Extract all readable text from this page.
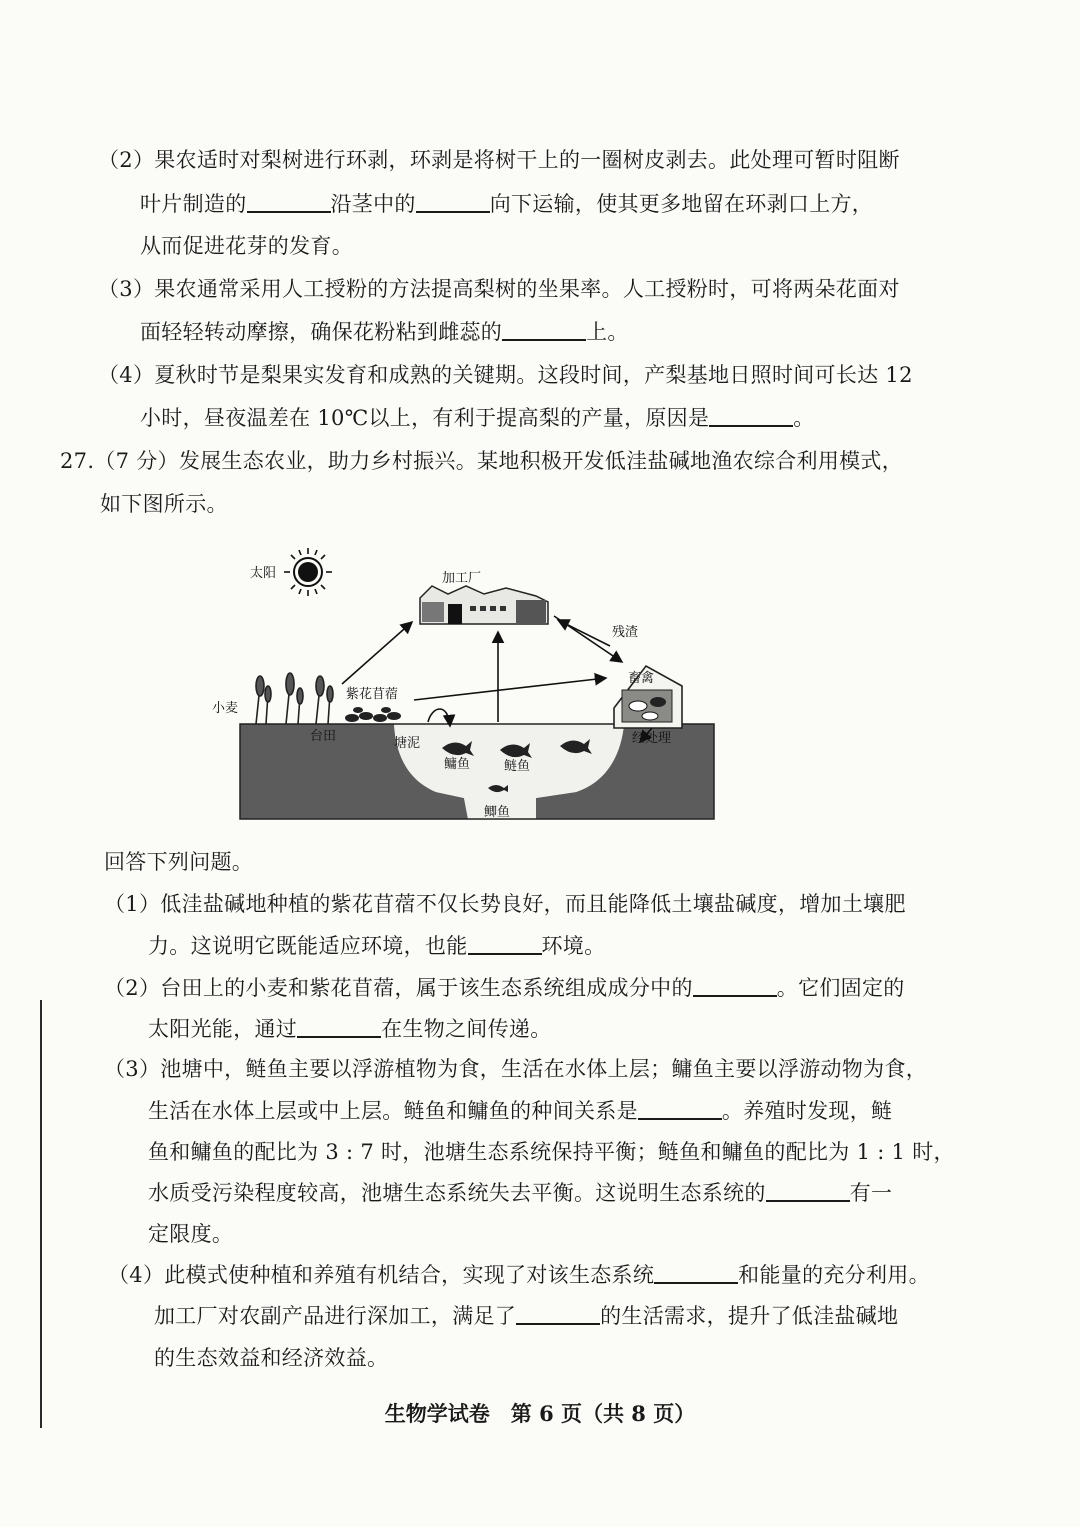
（2）果农适时对梨树进行环剥，环剥是将树干上的一圈树皮剥去。此处理可暂时阻断
叶片制造的	沿茎中的	向下运输，使其更多地留在环剥口上方，
从而促进花芽的发育。
（3）果农通常采用人工授粉的方法提高梨树的坐果率。人工授粉时，可将两朵花面对
面轻轻转动摩擦，确保花粉粘到雌蕊的	上。
（4）夏秋时节是梨果实发育和成熟的关键期。这段时间，产梨基地日照时间可长达 12
小时，昼夜温差在 10℃以上，有利于提高梨的产量，原因是	。
27.（7 分）发展生态农业，助力乡村振兴。某地积极开发低洼盐碱地渔农综合利用模式，
如下图所示。
太阳	加工厂
畜禽
残渣
小麦
紫花苜蓿
台田	塘泥
鳙鱼	鲢鱼
鲫鱼
经处理
回答下列问题。
（1）低洼盐碱地种植的紫花苜蓿不仅长势良好，而且能降低土壤盐碱度，增加土壤肥
力。这说明它既能适应环境，也能	环境。
（2）台田上的小麦和紫花苜蓿，属于该生态系统组成成分中的	。它们固定的
太阳光能，通过	在生物之间传递。
（3）池塘中，鲢鱼主要以浮游植物为食，生活在水体上层；鳙鱼主要以浮游动物为食，
生活在水体上层或中上层。鲢鱼和鳙鱼的种间关系是	。养殖时发现，鲢
鱼和鳙鱼的配比为 3 : 7 时，池塘生态系统保持平衡；鲢鱼和鳙鱼的配比为 1 : 1 时，
水质受污染程度较高，池塘生态系统失去平衡。这说明生态系统的	有一
定限度。
（4）此模式使种植和养殖有机结合，实现了对该生态系统	和能量的充分利用。
加工厂对农副产品进行深加工，满足了	的生活需求，提升了低洼盐碱地
的生态效益和经济效益。
生物学试卷　第 6 页（共 8 页）
